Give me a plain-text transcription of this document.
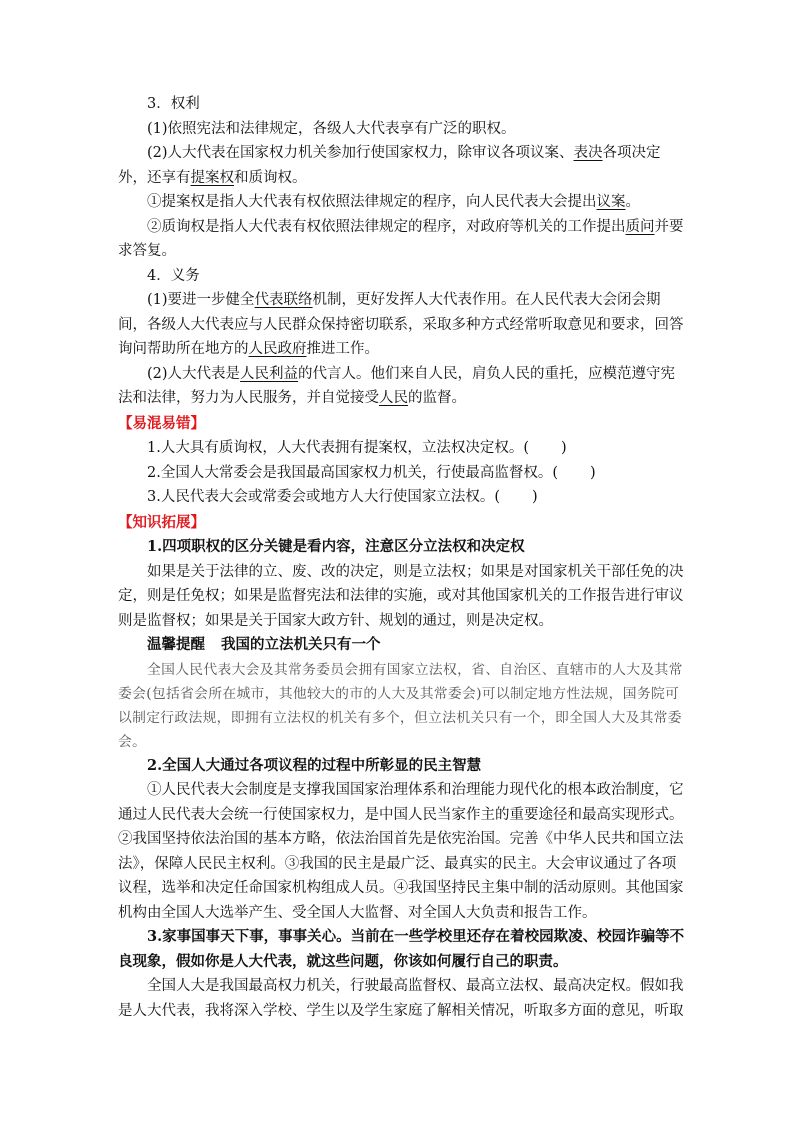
3．权利

(1)依照宪法和法律规定，各级人大代表享有广泛的职权。

(2)人大代表在国家权力机关参加行使国家权力，除审议各项议案、表决各项决定外，还享有提案权和质询权。

①提案权是指人大代表有权依照法律规定的程序，向人民代表大会提出议案。

②质询权是指人大代表有权依照法律规定的程序，对政府等机关的工作提出质问并要求答复。

4．义务

(1)要进一步健全代表联络机制，更好发挥人大代表作用。在人民代表大会闭会期间，各级人大代表应与人民群众保持密切联系，采取多种方式经常听取意见和要求，回答询问帮助所在地方的人民政府推进工作。

(2)人大代表是人民利益的代言人。他们来自人民，肩负人民的重托，应模范遵守宪法和法律，努力为人民服务，并自觉接受人民的监督。

【易混易错】

1.人大具有质询权，人大代表拥有提案权，立法权决定权。( )

2.全国人大常委会是我国最高国家权力机关，行使最高监督权。( )

3.人民代表大会或常委会或地方人大行使国家立法权。( )

【知识拓展】

1.四项职权的区分关键是看内容，注意区分立法权和决定权

如果是关于法律的立、废、改的决定，则是立法权；如果是对国家机关干部任免的决定，则是任免权；如果是监督宪法和法律的实施，或对其他国家机关的工作报告进行审议则是监督权；如果是关于国家大政方针、规划的通过，则是决定权。

温馨提醒 我国的立法机关只有一个

全国人民代表大会及其常务委员会拥有国家立法权，省、自治区、直辖市的人大及其常委会(包括省会所在城市，其他较大的市的人大及其常委会)可以制定地方性法规，国务院可以制定行政法规，即拥有立法权的机关有多个，但立法机关只有一个，即全国人大及其常委会。

2.全国人大通过各项议程的过程中所彰显的民主智慧

①人民代表大会制度是支撑我国国家治理体系和治理能力现代化的根本政治制度，它通过人民代表大会统一行使国家权力，是中国人民当家作主的重要途径和最高实现形式。②我国坚持依法治国的基本方略，依法治国首先是依宪治国。完善《中华人民共和国立法法》，保障人民民主权利。③我国的民主是最广泛、最真实的民主。大会审议通过了各项议程，选举和决定任命国家机构组成人员。④我国坚持民主集中制的活动原则。其他国家机构由全国人大选举产生、受全国人大监督、对全国人大负责和报告工作。

3.家事国事天下事，事事关心。当前在一些学校里还存在着校园欺凌、校园诈骗等不良现象，假如你是人大代表，就这些问题，你该如何履行自己的职责。

全国人大是我国最高权力机关，行驶最高监督权、最高立法权、最高决定权。假如我是人大代表，我将深入学校、学生以及学生家庭了解相关情况，听取多方面的意见，听取
